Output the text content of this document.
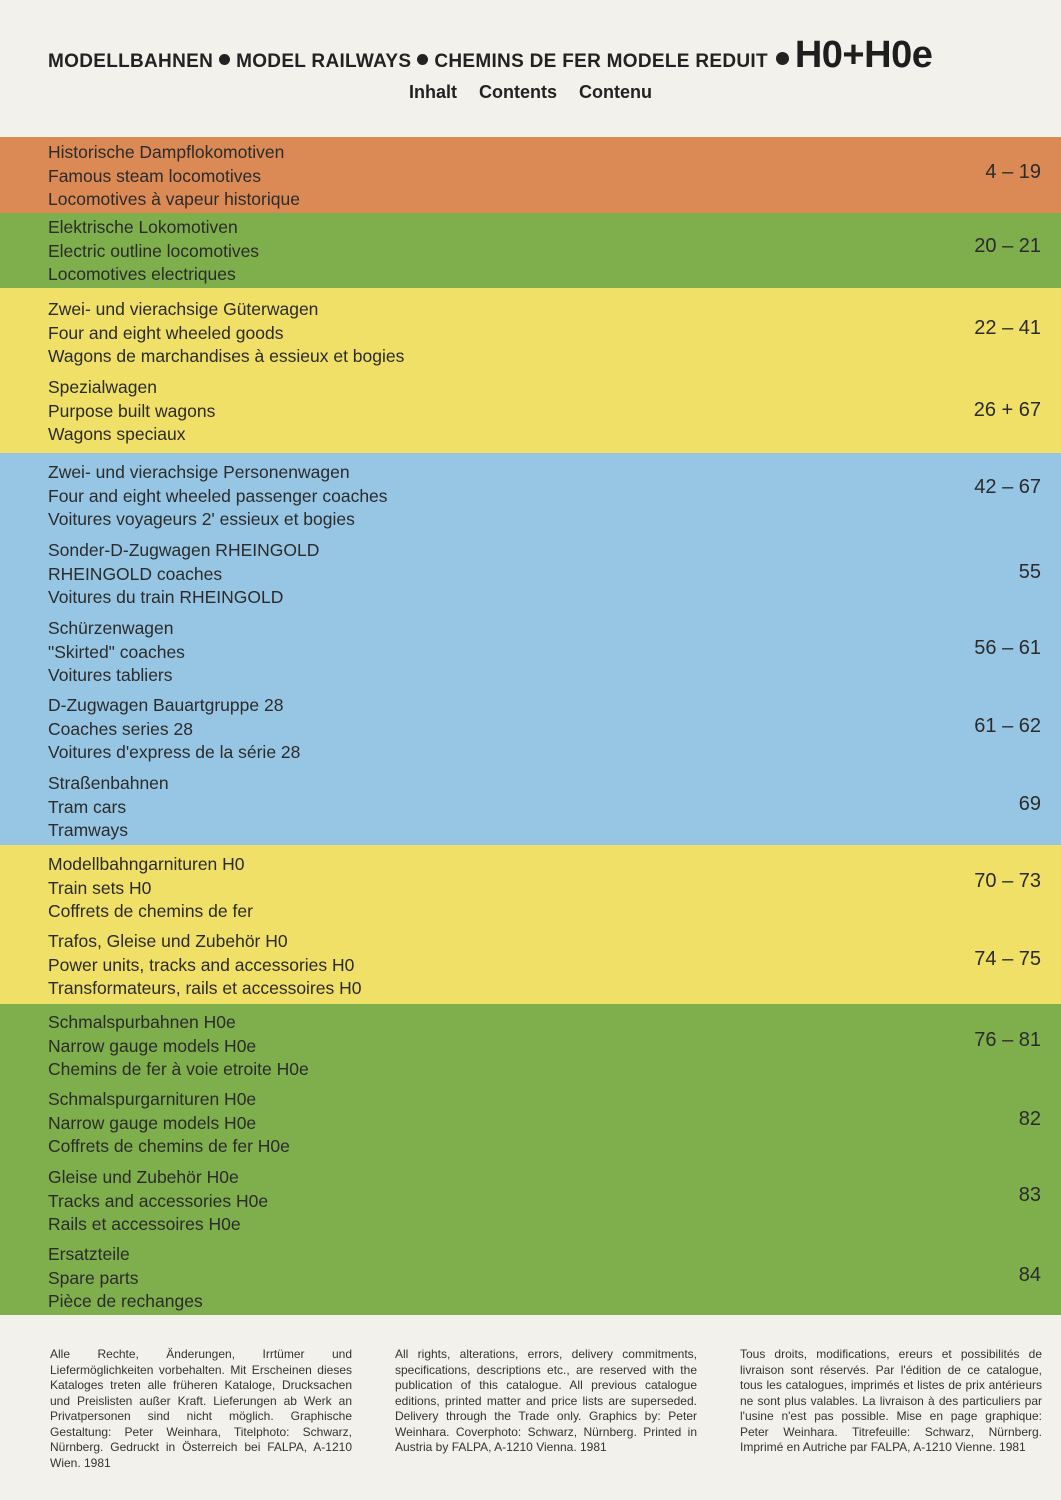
MODELLBAHNEN MODEL RAILWAYS CHEMINS DE FER MODELE REDUIT H0+H0e
Inhalt Contents Contenu
Historische Dampflokomotiven
Famous steam locomotives
Locomotives à vapeur historique
4 – 19
Elektrische Lokomotiven
Electric outline locomotives
Locomotives electriques
20 – 21
Zwei- und vierachsige Güterwagen
Four and eight wheeled goods
Wagons de marchandises à essieux et bogies
22 – 41
Spezialwagen
Purpose built wagons
Wagons speciaux
26 + 67
Zwei- und vierachsige Personenwagen
Four and eight wheeled passenger coaches
Voitures voyageurs 2' essieux et bogies
42 – 67
Sonder-D-Zugwagen RHEINGOLD
RHEINGOLD coaches
Voitures du train RHEINGOLD
55
Schürzenwagen
"Skirted" coaches
Voitures tabliers
56 – 61
D-Zugwagen Bauartgruppe 28
Coaches series 28
Voitures d'express de la série 28
61 – 62
Straßenbahnen
Tram cars
Tramways
69
Modellbahngarnituren H0
Train sets H0
Coffrets de chemins de fer
70 – 73
Trafos, Gleise und Zubehör H0
Power units, tracks and accessories H0
Transformateurs, rails et accessoires H0
74 – 75
Schmalspurbahnen H0e
Narrow gauge models H0e
Chemins de fer à voie etroite H0e
76 – 81
Schmalspurgarnituren H0e
Narrow gauge models H0e
Coffrets de chemins de fer H0e
82
Gleise und Zubehör H0e
Tracks and accessories H0e
Rails et accessoires H0e
83
Ersatzteile
Spare parts
Pièce de rechanges
84
Alle Rechte, Änderungen, Irrtümer und Liefermöglichkeiten vorbehalten. Mit Erscheinen dieses Kataloges treten alle früheren Kataloge, Drucksachen und Preislisten außer Kraft. Lieferungen ab Werk an Privatpersonen sind nicht möglich. Graphische Gestaltung: Peter Weinhara, Titelphoto: Schwarz, Nürnberg. Gedruckt in Österreich bei FALPA, A-1210 Wien. 1981
All rights, alterations, errors, delivery commitments, specifications, descriptions etc., are reserved with the publication of this catalogue. All previous catalogue editions, printed matter and price lists are superseded. Delivery through the Trade only. Graphics by: Peter Weinhara. Coverphoto: Schwarz, Nürnberg. Printed in Austria by FALPA, A-1210 Vienna. 1981
Tous droits, modifications, ereurs et possibilités de livraison sont réservés. Par l'édition de ce catalogue, tous les catalogues, imprimés et listes de prix antérieurs ne sont plus valables. La livraison à des particuliers par l'usine n'est pas possible. Mise en page graphique: Peter Weinhara. Titrefeuille: Schwarz, Nürnberg. Imprimé en Autriche par FALPA, A-1210 Vienne. 1981
